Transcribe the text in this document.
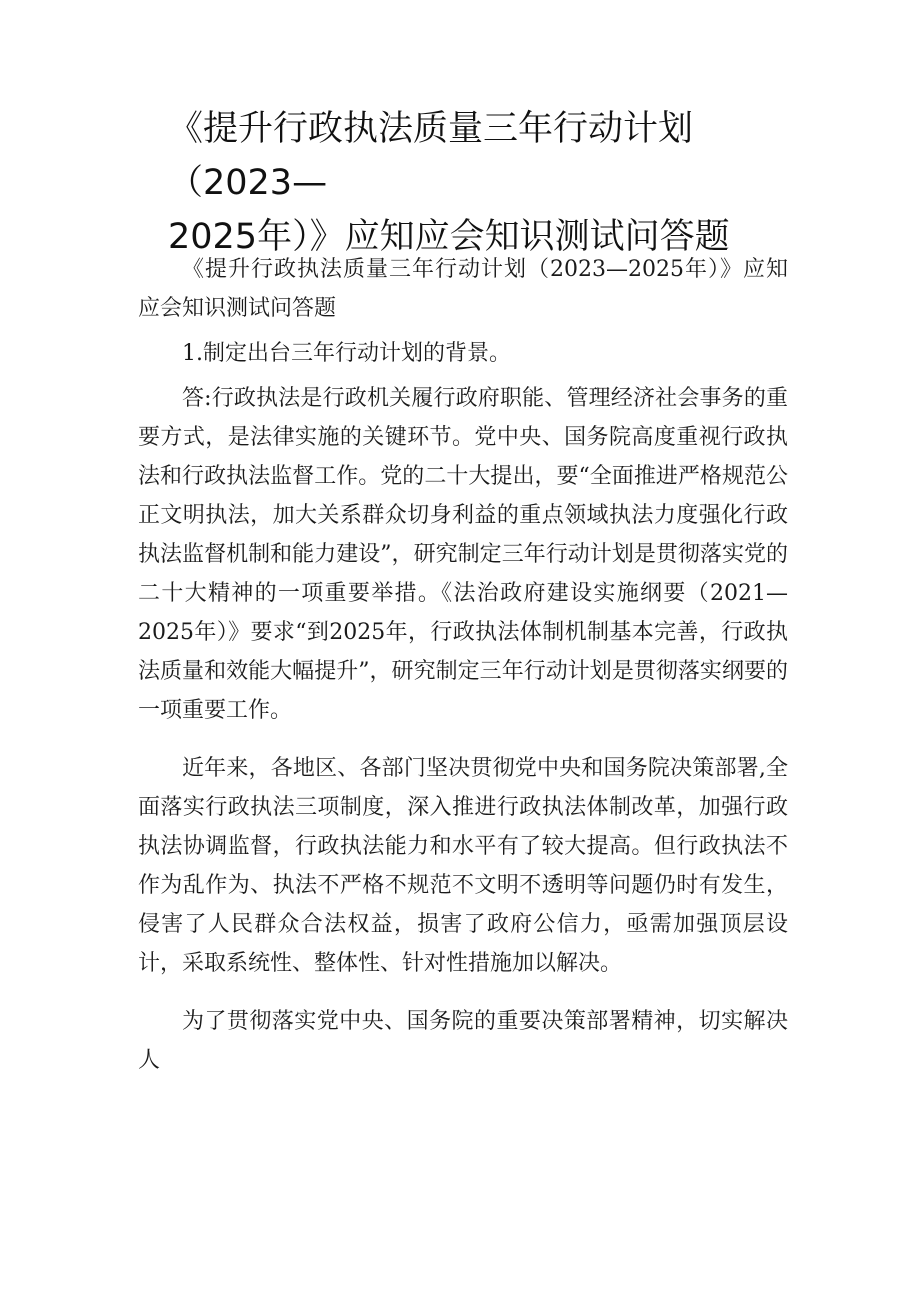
《提升行政执法质量三年行动计划（2023—
2025年）》应知应会知识测试问答题

《提升行政执法质量三年行动计划（2023—2025年）》应知应会知识测试问答题

1.制定出台三年行动计划的背景。

答:行政执法是行政机关履行政府职能、管理经济社会事务的重要方式，是法律实施的关键环节。党中央、国务院高度重视行政执法和行政执法监督工作。党的二十大提出，要“全面推进严格规范公正文明执法，加大关系群众切身利益的重点领域执法力度强化行政执法监督机制和能力建设”，研究制定三年行动计划是贯彻落实党的二十大精神的一项重要举措。《法治政府建设实施纲要（2021—2025年）》要求“到2025年，行政执法体制机制基本完善，行政执法质量和效能大幅提升”，研究制定三年行动计划是贯彻落实纲要的一项重要工作。

近年来，各地区、各部门坚决贯彻党中央和国务院决策部署,全面落实行政执法三项制度，深入推进行政执法体制改革，加强行政执法协调监督，行政执法能力和水平有了较大提高。但行政执法不作为乱作为、执法不严格不规范不文明不透明等问题仍时有发生，侵害了人民群众合法权益，损害了政府公信力，亟需加强顶层设计，采取系统性、整体性、针对性措施加以解决。

为了贯彻落实党中央、国务院的重要决策部署精神，切实解决人
